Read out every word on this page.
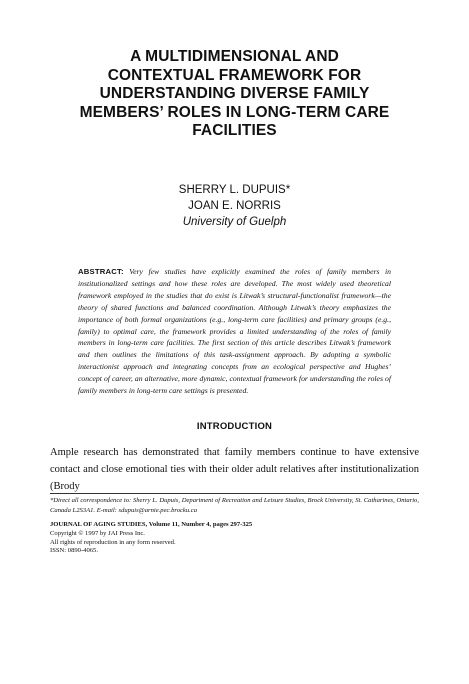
A MULTIDIMENSIONAL AND
CONTEXTUAL FRAMEWORK FOR
UNDERSTANDING DIVERSE FAMILY
MEMBERS’ ROLES IN LONG-TERM CARE
FACILITIES
SHERRY L. DUPUIS*
JOAN E. NORRIS
University of Guelph

ABSTRACT: Very few studies have explicitly examined the roles of family members in institutionalized settings and how these roles are developed. The most widely used theoretical framework employed in the studies that do exist is Litwak’s structural-functionalist framework—the theory of shared functions and balanced coordination. Although Litwak’s theory emphasizes the importance of both formal organizations (e.g., long-term care facilities) and primary groups (e.g., family) to optimal care, the framework provides a limited understanding of the roles of family members in long-term care facilities. The first section of this article describes Litwak’s framework and then outlines the limitations of this task-assignment approach. By adopting a symbolic interactionist approach and integrating concepts from an ecological perspective and Hughes’ concept of career, an alternative, more dynamic, contextual framework for understanding the roles of family members in long-term care settings is presented.

INTRODUCTION

Ample research has demonstrated that family members continue to have extensive contact and close emotional ties with their older adult relatives after institutionalization (Brody

*Direct all correspondence to: Sherry L. Dupuis, Department of Recreation and Leisure Studies, Brock University, St. Catharines, Ontario, Canada L2S3A1. E-mail: sdupuis@arnie.pec.brocku.ca

JOURNAL OF AGING STUDIES, Volume 11, Number 4, pages 297-325
Copyright © 1997 by JAI Press Inc.
All rights of reproduction in any form reserved.
ISSN: 0890-4065.
